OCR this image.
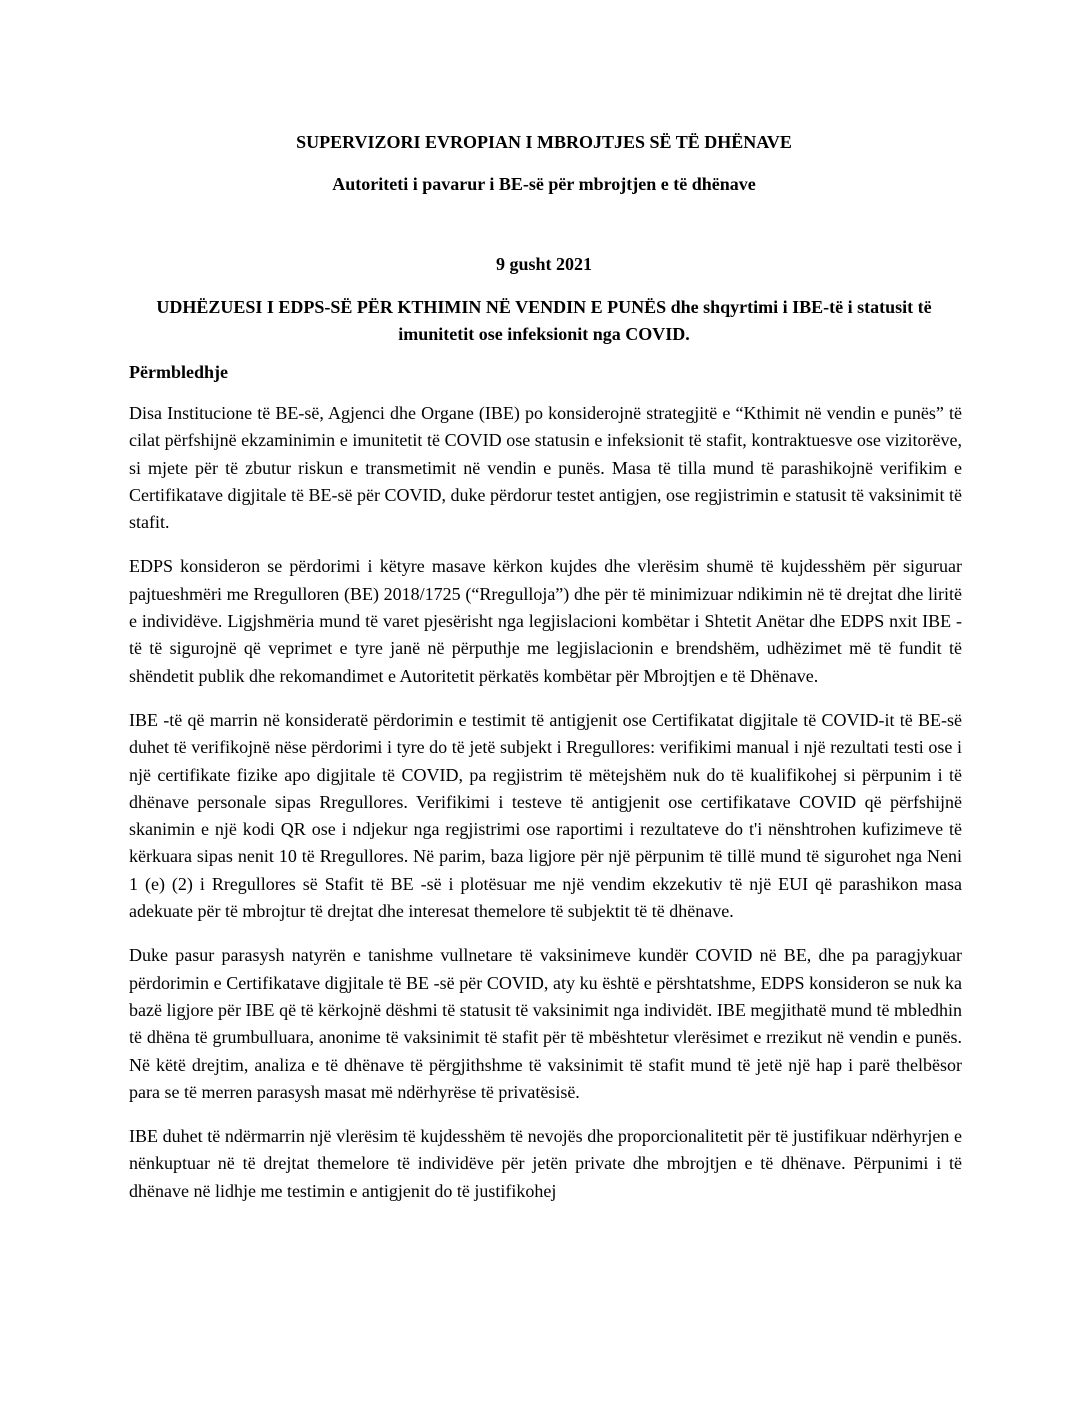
SUPERVIZORI EVROPIAN I MBROJTJES SË TË DHËNAVE
Autoriteti i pavarur i BE-së për mbrojtjen e të dhënave
9 gusht 2021
UDHËZUESI I EDPS-SË PËR KTHIMIN NË VENDIN E PUNËS dhe shqyrtimi i IBE-të i statusit të imunitetit ose infeksionit nga COVID.
Përmbledhje

Disa Institucione të BE-së, Agjenci dhe Organe (IBE) po konsiderojnë strategjitë e “Kthimit në vendin e punës” të cilat përfshijnë ekzaminimin e imunitetit të COVID ose statusin e infeksionit të stafit, kontraktuesve ose vizitorëve, si mjete për të zbutur riskun e transmetimit në vendin e punës. Masa të tilla mund të parashikojnë verifikim e Certifikatave digjitale të BE-së për COVID, duke përdorur testet antigjen, ose regjistrimin e statusit të vaksinimit të stafit.

EDPS konsideron se përdorimi i këtyre masave kërkon kujdes dhe vlerësim shumë të kujdesshëm për siguruar pajtueshmëri me Rregulloren (BE) 2018/1725 (“Rregulloja”) dhe për të minimizuar ndikimin në të drejtat dhe liritë e individëve. Ligjshmëria mund të varet pjesërisht nga legjislacioni kombëtar i Shtetit Anëtar dhe EDPS nxit IBE -të të sigurojnë që veprimet e tyre janë në përputhje me legjislacionin e brendshëm, udhëzimet më të fundit të shëndetit publik dhe rekomandimet e Autoritetit përkatës kombëtar për Mbrojtjen e të Dhënave.

IBE -të që marrin në konsideratë përdorimin e testimit të antigjenit ose Certifikatat digjitale të COVID-it të BE-së duhet të verifikojnë nëse përdorimi i tyre do të jetë subjekt i Rregullores: verifikimi manual i një rezultati testi ose i një certifikate fizike apo digjitale të COVID, pa regjistrim të mëtejshëm nuk do të kualifikohej si përpunim i të dhënave personale sipas Rregullores. Verifikimi i testeve të antigjenit ose certifikatave COVID që përfshijnë skanimin e një kodi QR ose i ndjekur nga regjistrimi ose raportimi i rezultateve do t'i nënshtrohen kufizimeve të kërkuara sipas nenit 10 të Rregullores. Në parim, baza ligjore për një përpunim të tillë mund të sigurohet nga Neni 1 (e) (2) i Rregullores së Stafit të BE -së i plotësuar me një vendim ekzekutiv të një EUI që parashikon masa adekuate për të mbrojtur të drejtat dhe interesat themelore të subjektit të të dhënave.

Duke pasur parasysh natyrën e tanishme vullnetare të vaksinimeve kundër COVID në BE, dhe pa paragjykuar përdorimin e Certifikatave digjitale të BE -së për COVID, aty ku është e përshtatshme, EDPS konsideron se nuk ka bazë ligjore për IBE që të kërkojnë dëshmi të statusit të vaksinimit nga individët. IBE megjithatë mund të mbledhin të dhëna të grumbulluara, anonime të vaksinimit të stafit për të mbështetur vlerësimet e rrezikut në vendin e punës. Në këtë drejtim, analiza e të dhënave të përgjithshme të vaksinimit të stafit mund të jetë një hap i parë thelbësor para se të merren parasysh masat më ndërhyrëse të privatësisë.

IBE duhet të ndërmarrin një vlerësim të kujdesshëm të nevojës dhe proporcionalitetit për të justifikuar ndërhyrjen e nënkuptuar në të drejtat themelore të individëve për jetën private dhe mbrojtjen e të dhënave. Përpunimi i të dhënave në lidhje me testimin e antigjenit do të justifikohej
